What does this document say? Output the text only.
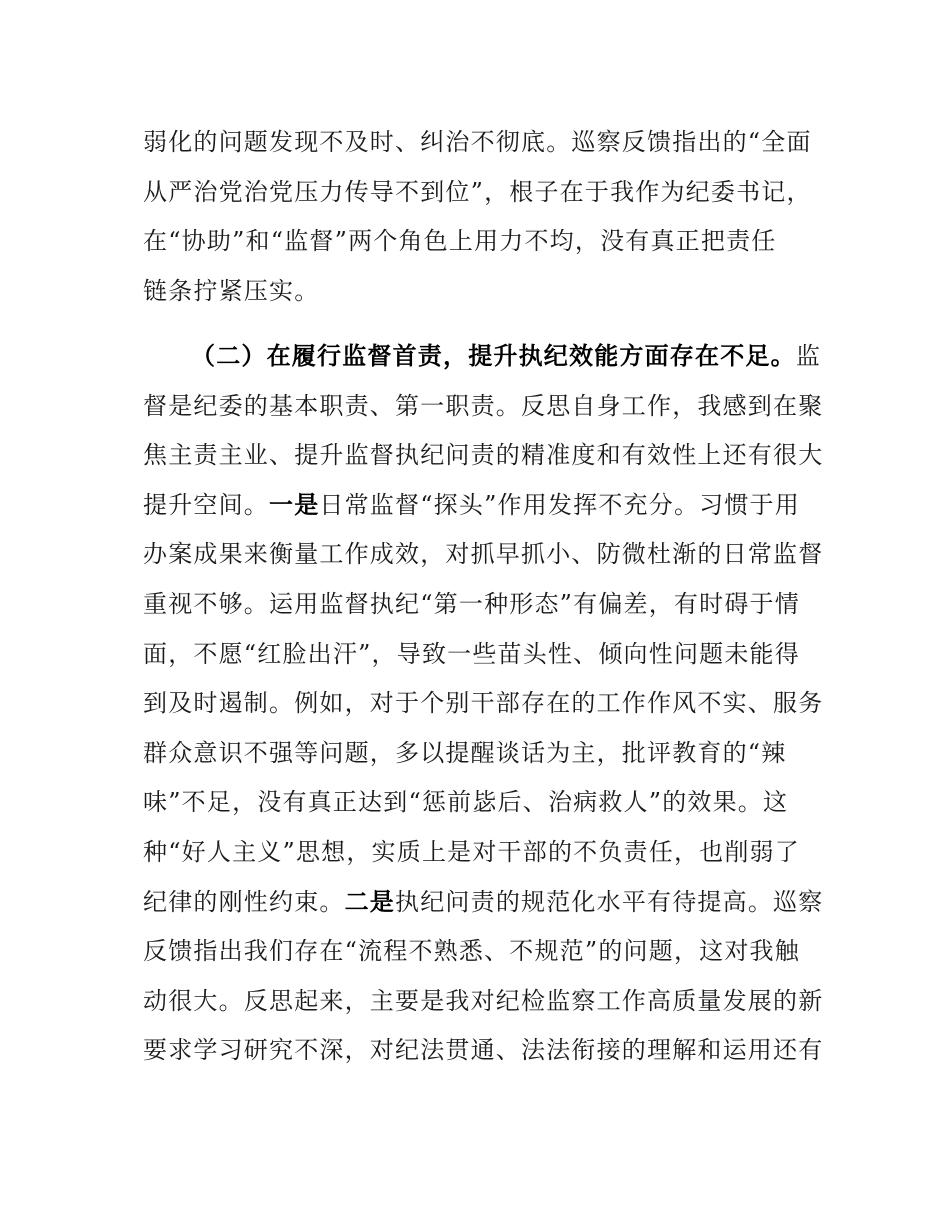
弱化的问题发现不及时、纠治不彻底。巡察反馈指出的“全面
从严治党治党压力传导不到位”，根子在于我作为纪委书记，
在“协助”和“监督”两个角色上用力不均，没有真正把责任
链条拧紧压实。
（二）在履行监督首责，提升执纪效能方面存在不足。监
督是纪委的基本职责、第一职责。反思自身工作，我感到在聚
焦主责主业、提升监督执纪问责的精准度和有效性上还有很大
提升空间。一是日常监督“探头”作用发挥不充分。习惯于用
办案成果来衡量工作成效，对抓早抓小、防微杜渐的日常监督
重视不够。运用监督执纪“第一种形态”有偏差，有时碍于情
面，不愿“红脸出汗”，导致一些苗头性、倾向性问题未能得
到及时遏制。例如，对于个别干部存在的工作作风不实、服务
群众意识不强等问题，多以提醒谈话为主，批评教育的“辣
味”不足，没有真正达到“惩前毖后、治病救人”的效果。这
种“好人主义”思想，实质上是对干部的不负责任，也削弱了
纪律的刚性约束。二是执纪问责的规范化水平有待提高。巡察
反馈指出我们存在“流程不熟悉、不规范”的问题，这对我触
动很大。反思起来，主要是我对纪检监察工作高质量发展的新
要求学习研究不深，对纪法贯通、法法衔接的理解和运用还有
